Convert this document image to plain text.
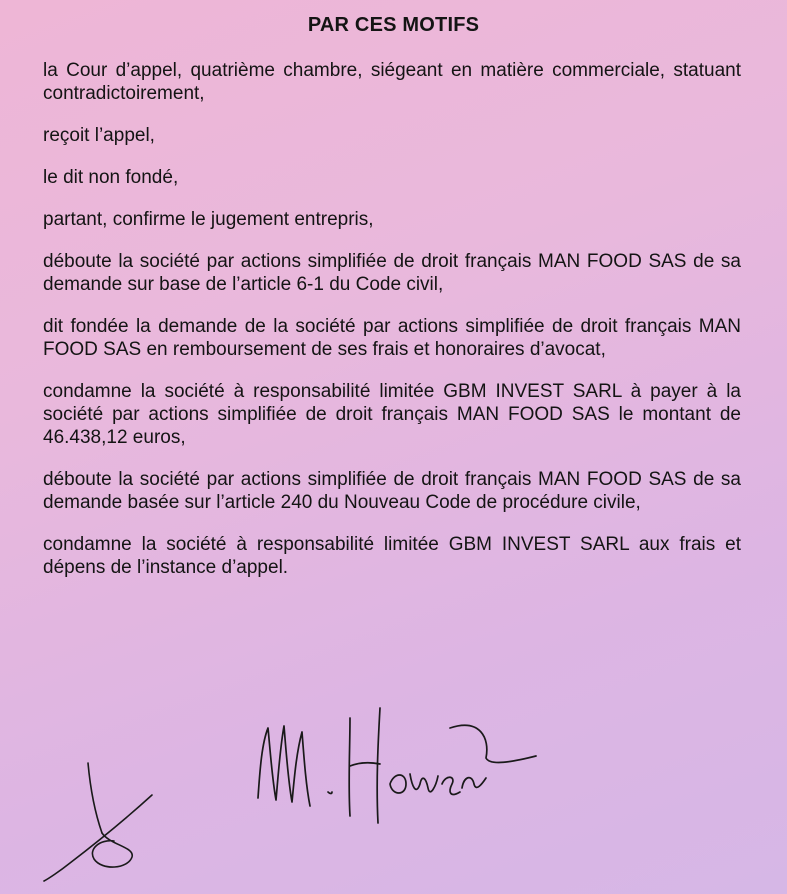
PAR CES MOTIFS

la Cour d’appel, quatrième chambre, siégeant en matière commerciale, statuant contradictoirement,

reçoit l’appel,

le dit non fondé,

partant, confirme le jugement entrepris,

déboute la société par actions simplifiée de droit français MAN FOOD SAS de sa demande sur base de l’article 6-1 du Code civil,

dit fondée la demande de la société par actions simplifiée de droit français MAN FOOD SAS en remboursement de ses frais et honoraires d’avocat,

condamne la société à responsabilité limitée GBM INVEST SARL à payer à la société par actions simplifiée de droit français MAN FOOD SAS le montant de 46.438,12 euros,

déboute la société par actions simplifiée de droit français MAN FOOD SAS de sa demande basée sur l’article 240 du Nouveau Code de procédure civile,

condamne la société à responsabilité limitée GBM INVEST SARL aux frais et dépens de l’instance d’appel.
